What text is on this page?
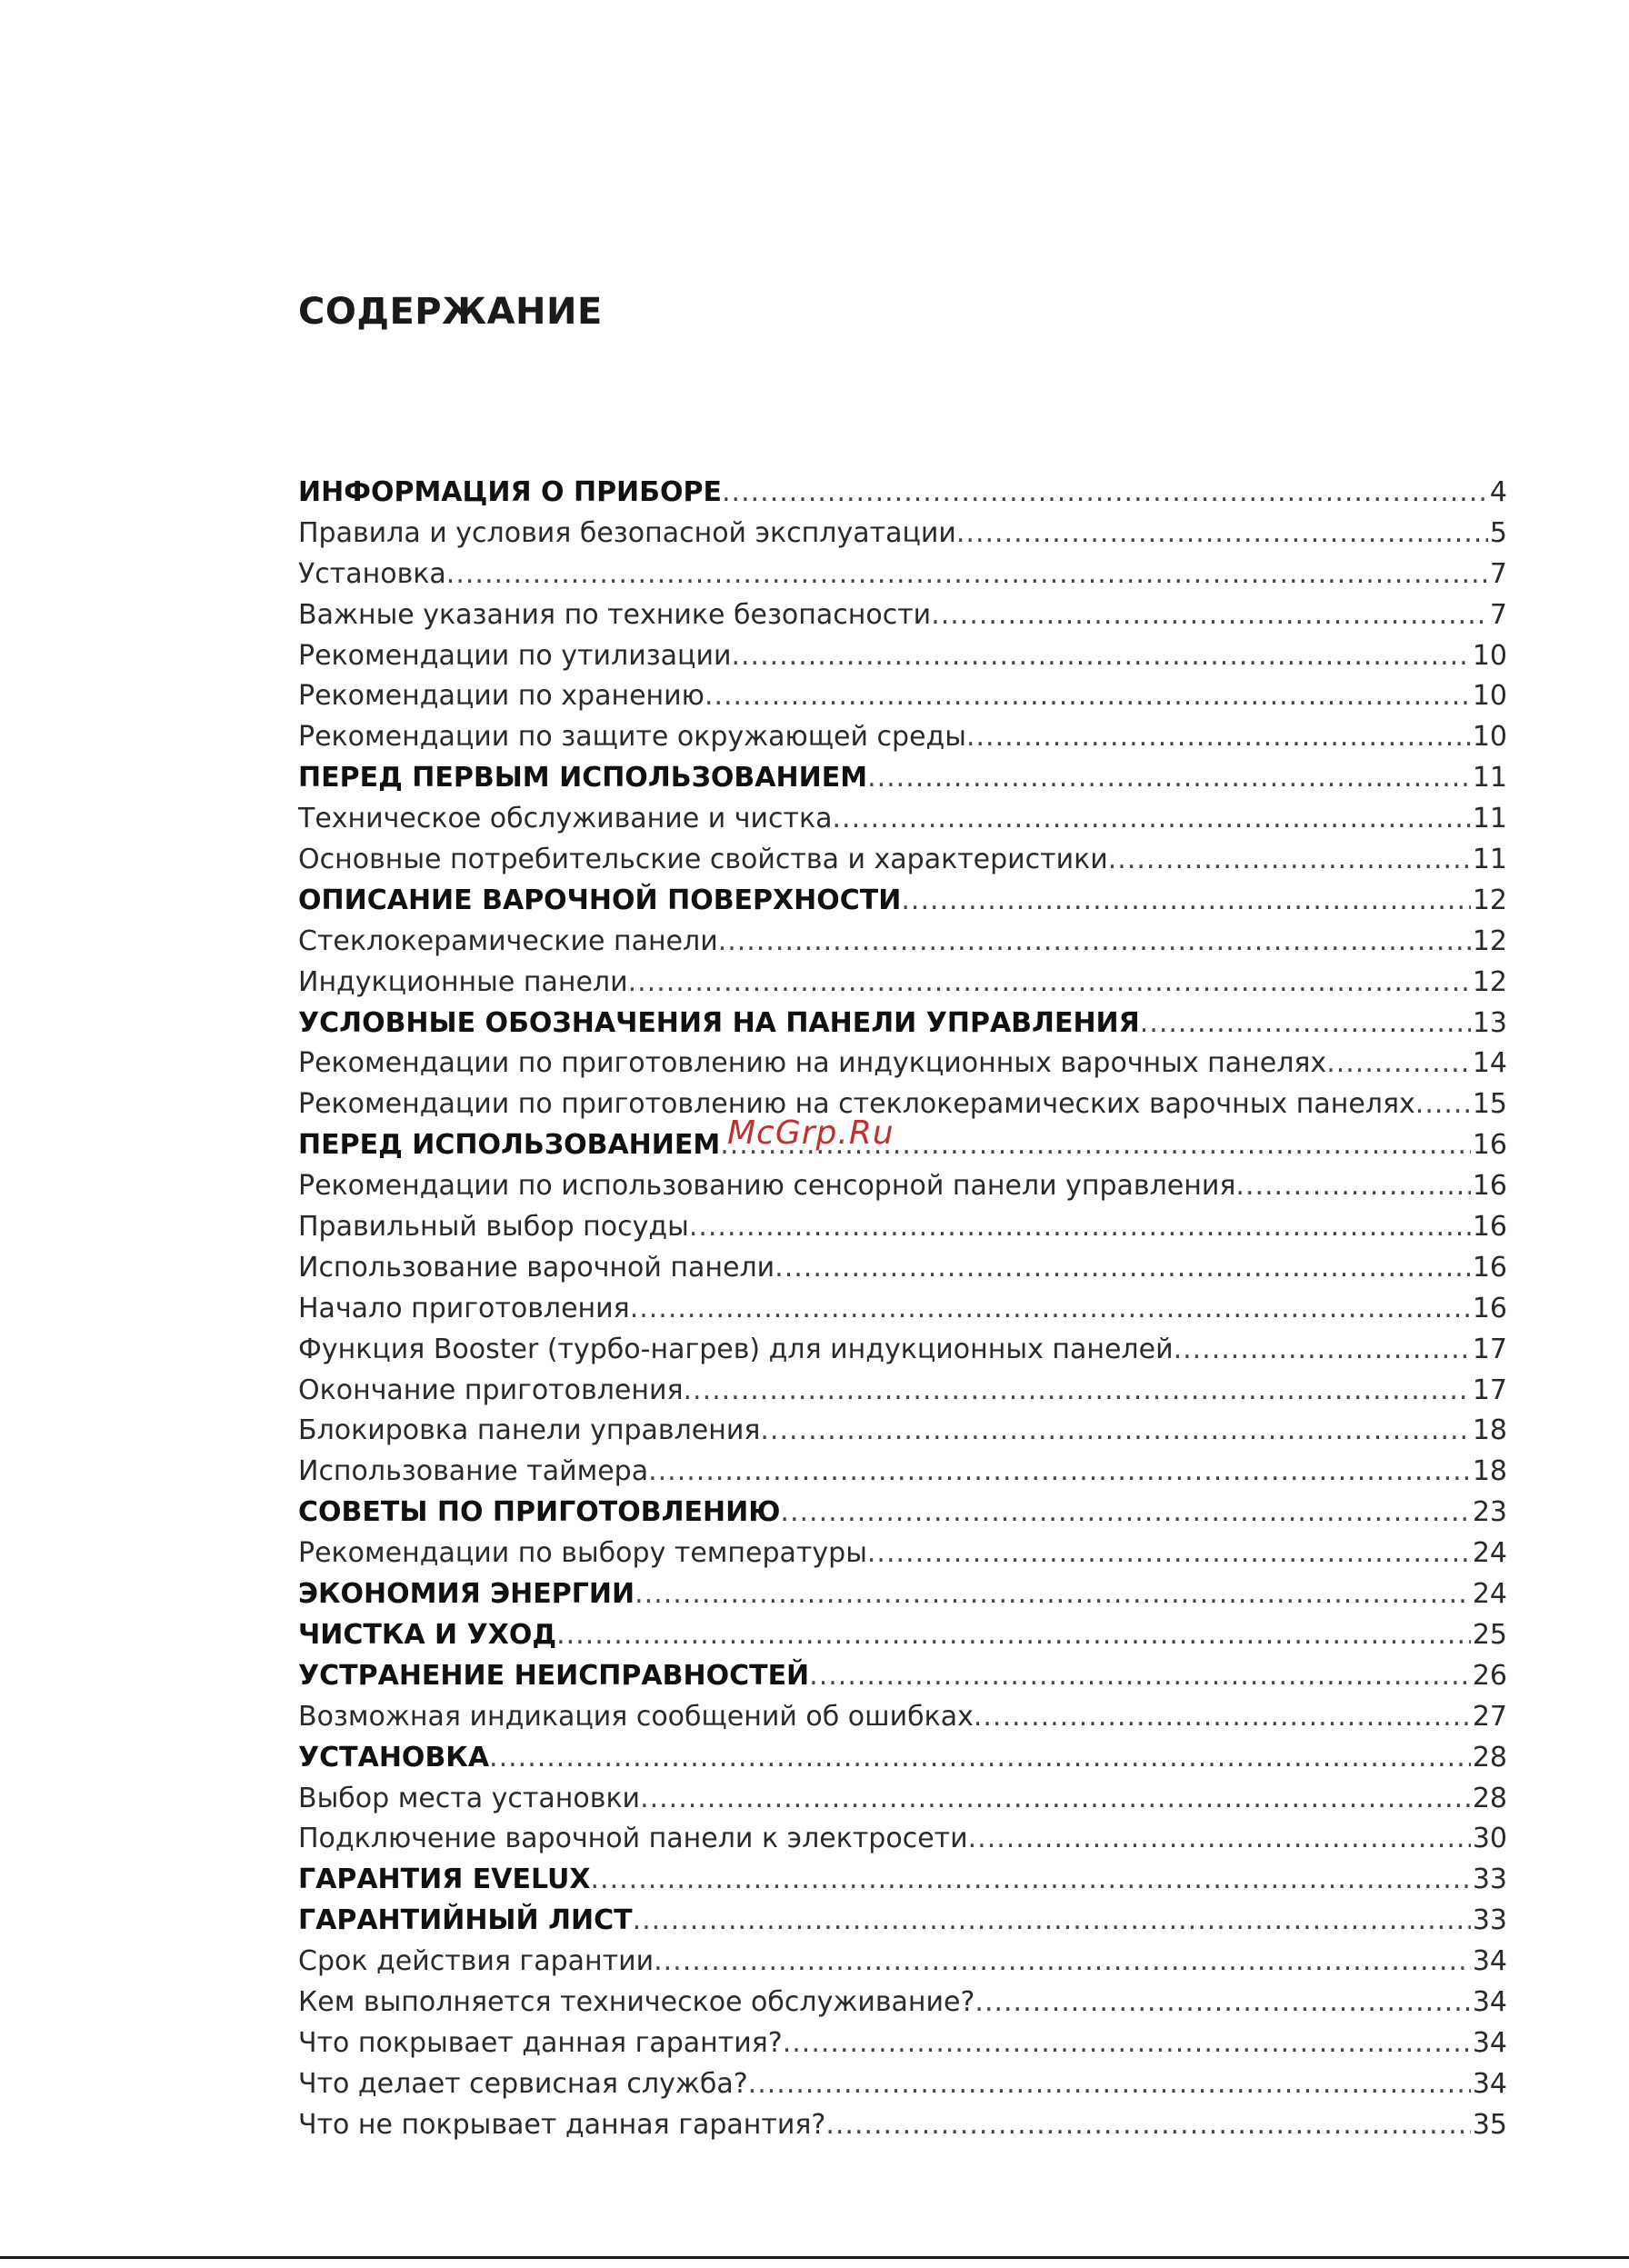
СОДЕРЖАНИЕ
ИНФОРМАЦИЯ О ПРИБОРЕ .....	4
Правила и условия безопасной эксплуатации .....	5
Установка .....	7
Важные указания по технике безопасности .....	7
Рекомендации по утилизации .....	10
Рекомендации по хранению .....	10
Рекомендации по защите окружающей среды .....	10
ПЕРЕД ПЕРВЫМ ИСПОЛЬЗОВАНИЕМ .....	11
Техническое обслуживание и чистка .....	11
Основные потребительские свойства и характеристики .....	11
ОПИСАНИЕ ВАРОЧНОЙ ПОВЕРХНОСТИ .....	12
Стеклокерамические панели .....	12
Индукционные панели .....	12
УСЛОВНЫЕ ОБОЗНАЧЕНИЯ НА ПАНЕЛИ УПРАВЛЕНИЯ .....	13
Рекомендации по приготовлению на индукционных варочных панелях .....	14
Рекомендации по приготовлению на стеклокерамических варочных панелях ..... 15
ПЕРЕД ИСПОЛЬЗОВАНИЕМ .....	16
Рекомендации по использованию сенсорной панели управления .....	16
Правильный выбор посуды .....	16
Использование варочной панели .....	16
Начало приготовления .....	16
Функция Booster (турбо-нагрев) для индукционных панелей .....	17
Окончание приготовления .....	17
Блокировка панели управления .....	18
Использование таймера .....	18
СОВЕТЫ ПО ПРИГОТОВЛЕНИЮ .....	23
Рекомендации по выбору температуры .....	24
ЭКОНОМИЯ ЭНЕРГИИ .....	24
ЧИСТКА И УХОД .....	25
УСТРАНЕНИЕ НЕИСПРАВНОСТЕЙ .....	26
Возможная индикация сообщений об ошибках .....	27
УСТАНОВКА .....	28
Выбор места установки .....	28
Подключение варочной панели к электросети .....	30
ГАРАНТИЯ EVELUX .....	33
ГАРАНТИЙНЫЙ ЛИСТ .....	33
Срок действия гарантии .....	34
Кем выполняется техническое обслуживание? .....	34
Что покрывает данная гарантия? .....	34
Что делает сервисная служба? .....	34
Что не покрывает данная гарантия? .....	35
McGrp.Ru
